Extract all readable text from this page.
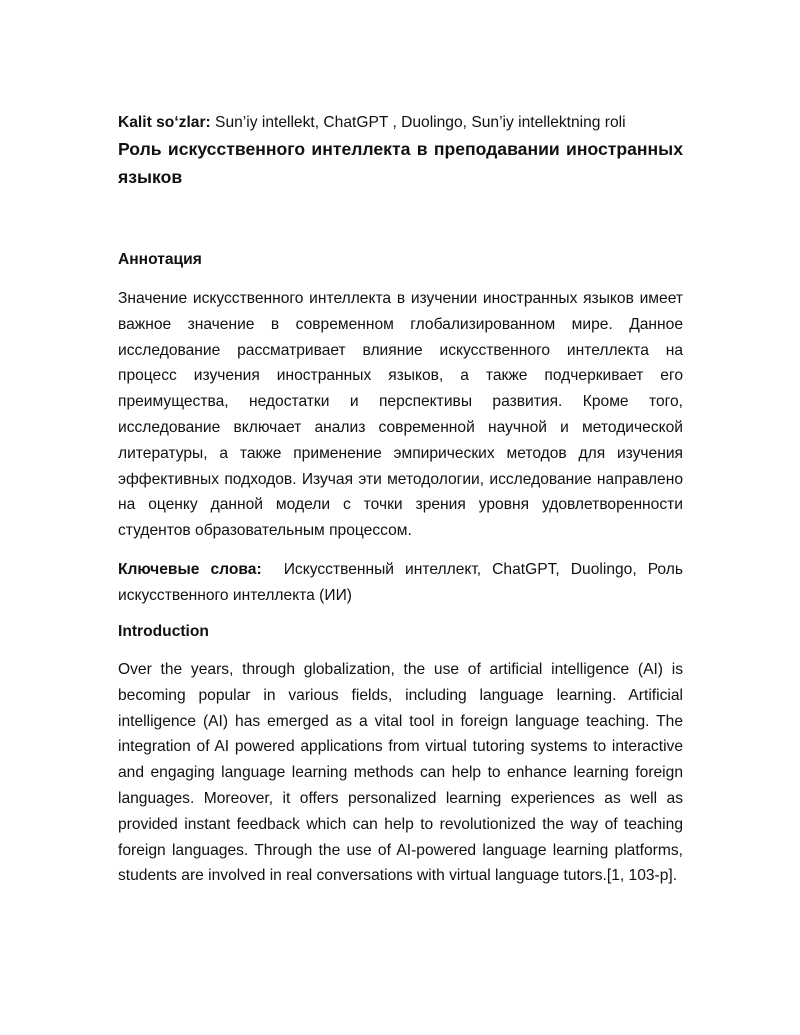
Kalit so‘zlar: Sun’iy intellekt, ChatGPT , Duolingo, Sun’iy intellektning roli

Роль искусственного интеллекта в преподавании иностранных языков
Аннотация

Значение искусственного интеллекта в изучении иностранных языков имеет важное значение в современном глобализированном мире. Данное исследование рассматривает влияние искусственного интеллекта на процесс изучения иностранных языков, а также подчеркивает его преимущества, недостатки и перспективы развития. Кроме того, исследование включает анализ современной научной и методической литературы, а также применение эмпирических методов для изучения эффективных подходов. Изучая эти методологии, исследование направлено на оценку данной модели с точки зрения уровня удовлетворенности студентов образовательным процессом.

Ключевые слова:  Искусственный интеллект, ChatGPT, Duolingo, Роль искусственного интеллекта (ИИ)

Introduction

Over the years, through globalization, the use of artificial intelligence (AI) is becoming popular in various fields, including language learning. Artificial intelligence (AI) has emerged as a vital tool in foreign language teaching. The integration of AI powered applications from virtual tutoring systems to interactive and engaging language learning methods can help to enhance learning foreign languages. Moreover, it offers personalized learning experiences as well as provided instant feedback which can help to revolutionized the way of teaching foreign languages. Through the use of AI-powered language learning platforms, students are involved in real conversations with virtual language tutors.[1, 103-p].
